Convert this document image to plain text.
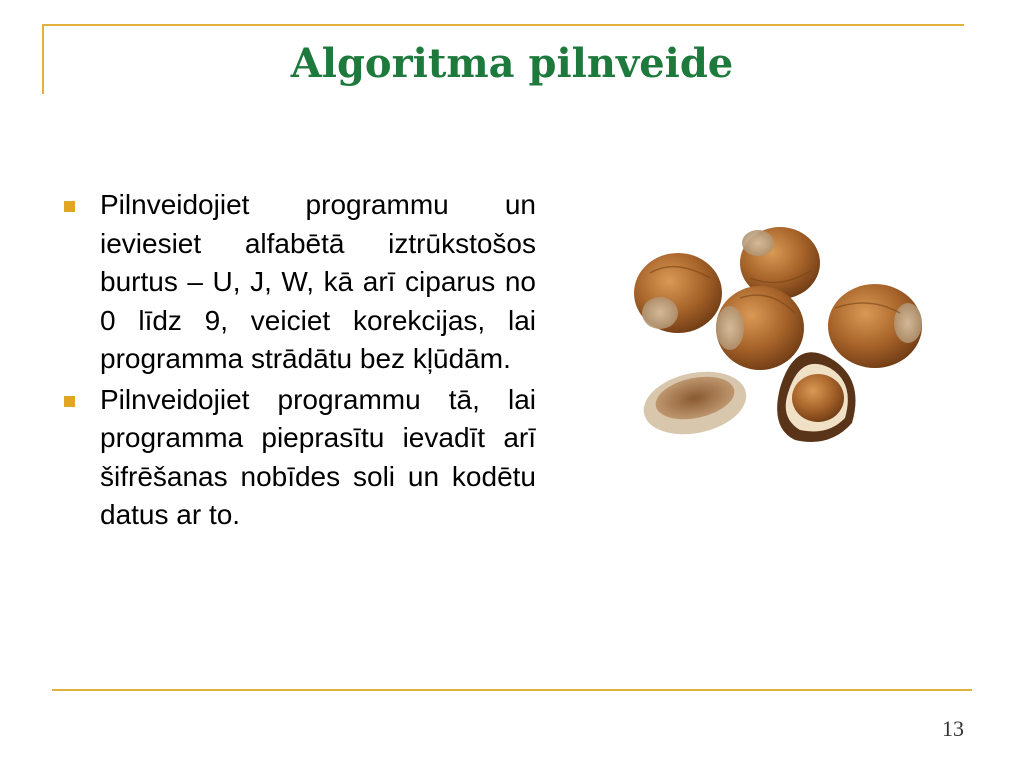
Algoritma pilnveide
Pilnveidojiet programmu un ieviesiet alfabētā iztrūkstošos burtus – U, J, W, kā arī ciparus no 0 līdz 9, veiciet korekcijas, lai programma strādātu bez kļūdām.
Pilnveidojiet programmu tā, lai programma pieprasītu ievadīt arī šifrēšanas nobīdes soli un kodētu datus ar to.
13
